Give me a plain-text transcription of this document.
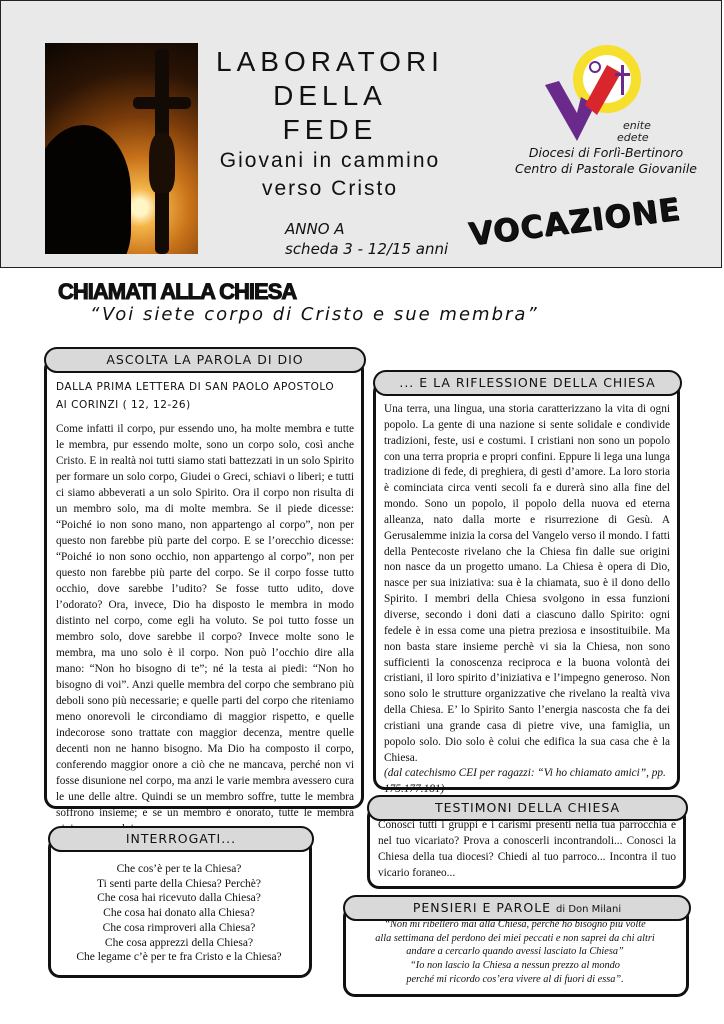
LABORATORI
DELLA
FEDE
Giovani in cammino
verso Cristo
ANNO A
scheda 3 - 12/15 anni
enite
edete
Diocesi di Forlì-Bertinoro
Centro di Pastorale Giovanile
VOCAZIONE
CHIAMATI ALLA CHIESA
“Voi siete corpo di Cristo e sue membra”
ASCOLTA LA PAROLA DI DIO
DALLA PRIMA LETTERA DI SAN PAOLO APOSTOLO
AI CORINZI ( 12, 12-26)

Come infatti il corpo, pur essendo uno, ha molte membra e tutte le membra, pur essendo molte, sono un corpo solo, così anche Cristo. E in realtà noi tutti siamo stati battezzati in un solo Spirito per formare un solo corpo, Giudei o Greci, schiavi o liberi; e tutti ci siamo abbeverati a un solo Spirito. Ora il corpo non risulta di un membro solo, ma di molte membra. Se il piede dicesse: “Poiché io non sono mano, non appartengo al corpo”, non per questo non farebbe più parte del corpo. E se l’orecchio dicesse: “Poiché io non sono occhio, non appartengo al corpo”, non per questo non farebbe più parte del corpo. Se il corpo fosse tutto occhio, dove sarebbe l’udito? Se fosse tutto udito, dove l’odorato? Ora, invece, Dio ha disposto le membra in modo distinto nel corpo, come egli ha voluto. Se poi tutto fosse un membro solo, dove sarebbe il corpo? Invece molte sono le membra, ma uno solo è il corpo. Non può l’occhio dire alla mano: “Non ho bisogno di te”; né la testa ai piedi: “Non ho bisogno di voi”. Anzi quelle membra del corpo che sembrano più deboli sono più necessarie; e quelle parti del corpo che riteniamo meno onorevoli le circondiamo di maggior rispetto, e quelle indecorose sono trattate con maggior decenza, mentre quelle decenti non ne hanno bisogno. Ma Dio ha composto il corpo, conferendo maggior onore a ciò che ne mancava, perché non vi fosse disunione nel corpo, ma anzi le varie membra avessero cura le une delle altre. Quindi se un membro soffre, tutte le membra soffrono insieme; e se un membro è onorato, tutte le membra

... E LA RIFLESSIONE DELLA CHIESA

Una terra, una lingua, una storia caratterizzano la vita di ogni popolo. La gente di una nazione si sente solidale e condivide tradizioni, feste, usi e costumi. I cristiani non sono un popolo con una terra propria e propri confini. Eppure li lega una lunga tradizione di fede, di preghiera, di gesti d’amore. La loro storia è cominciata circa venti secoli fa e durerà sino alla fine del mondo. Sono un popolo, il popolo della nuova ed eterna alleanza, nato dalla morte e risurrezione di Gesù. A Gerusalemme inizia la corsa del Vangelo verso il mondo. I fatti della Pentecoste rivelano che la Chiesa fin dalle sue origini non nasce da un progetto umano. La Chiesa è opera di Dio, nasce per sua iniziativa: sua è la chiamata, suo è il dono dello Spirito. I membri della Chiesa svolgono in essa funzioni diverse, secondo i doni dati a ciascuno dallo Spirito: ogni fedele è in essa come una pietra preziosa e insostituibile. Ma non basta stare insieme perchè vi sia la Chiesa, non sono sufficienti la conoscenza reciproca e la buona volontà dei cristiani, il loro spirito d’iniziativa e l’impegno generoso. Non sono solo le strutture organizzative che rivelano la realtà viva della Chiesa. E’ lo Spirito Santo l’energia nascosta che fa dei cristiani una grande casa di pietre vive, una famiglia, un popolo solo. Dio solo è colui che edifica la sua casa che è la Chiesa.

(dal catechismo CEI per ragazzi: “Vi ho chiamato amici”, pp. 175.177.181)

TESTIMONI DELLA CHIESA

Conosci tutti i gruppi e i carismi presenti nella tua parrocchia e nel tuo vicariato? Prova a conoscerli incontrandoli... Conosci la Chiesa della tua diocesi? Chiedi al tuo parroco... Incontra il tuo vicario foraneo...

INTERROGATI...
Che cos’è per te la Chiesa?
Ti senti parte della Chiesa? Perchè?
Che cosa hai ricevuto dalla Chiesa?
Che cosa hai donato alla Chiesa?
Che cosa rimproveri alla Chiesa?
Che cosa apprezzi della Chiesa?
Che legame c’è per te fra Cristo e la Chiesa?
PENSIERI E PAROLE di Don Milani
“Non mi ribellerò mai alla Chiesa, perché ho bisogno più volte
alla settimana del perdono dei miei peccati e non saprei da chi altri
andare a cercarlo quando avessi lasciato la Chiesa”
“Io non lascio la Chiesa a nessun prezzo al mondo
perché mi ricordo cos’era vivere al di fuori di essa”.
